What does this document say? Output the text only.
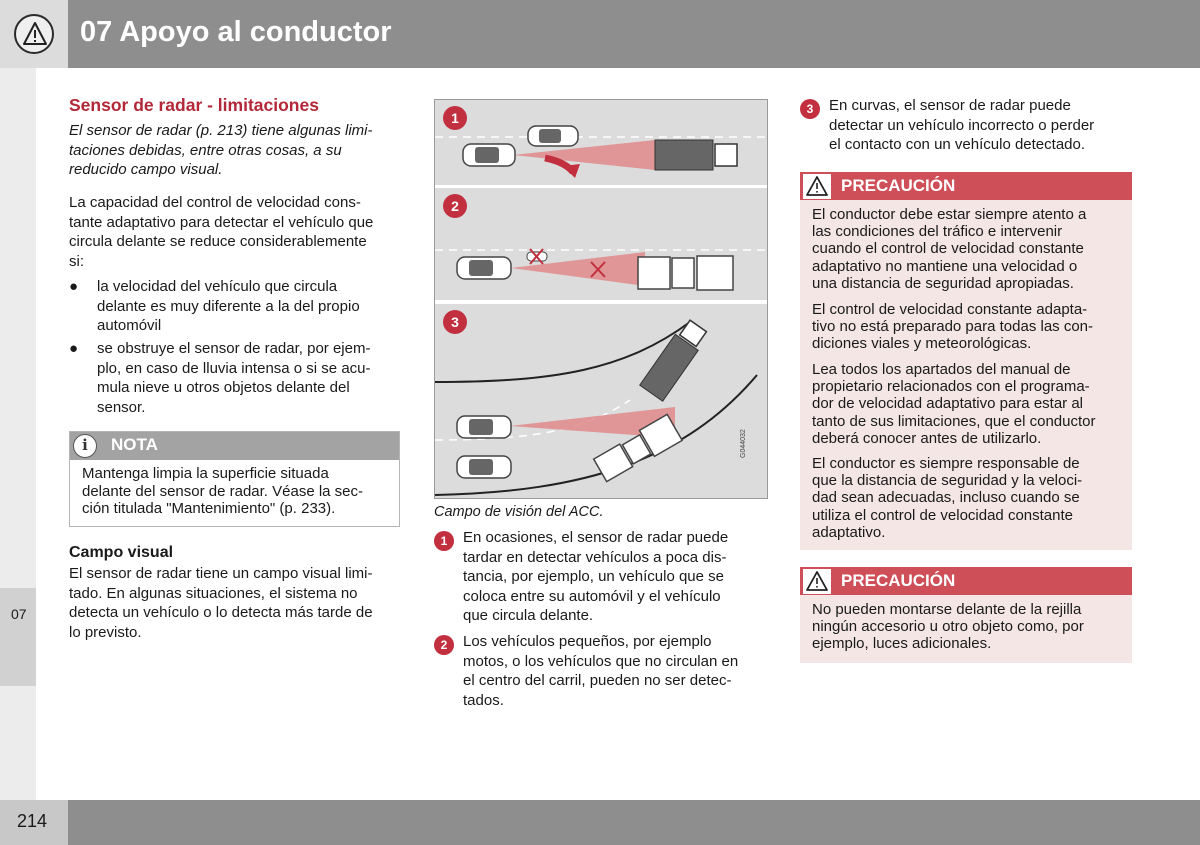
07 Apoyo al conductor
07
214
Sensor de radar - limitaciones
El sensor de radar (p. 213) tiene algunas limi-
taciones debidas, entre otras cosas, a su
reducido campo visual.
La capacidad del control de velocidad cons-
tante adaptativo para detectar el vehículo que
circula delante se reduce considerablemente
si:
● la velocidad del vehículo que circula
delante es muy diferente a la del propio
automóvil
● se obstruye el sensor de radar, por ejem-
plo, en caso de lluvia intensa o si se acu-
mula nieve u otros objetos delante del
sensor.
i	NOTA
Mantenga limpia la superficie situada
delante del sensor de radar. Véase la sec-
ción titulada "Mantenimiento" (p. 233).
Campo visual
El sensor de radar tiene un campo visual limi-
tado. En algunas situaciones, el sistema no
detecta un vehículo o lo detecta más tarde de
lo previsto.
1
2
3
G044032
Campo de visión del ACC.
1	En ocasiones, el sensor de radar puede
tardar en detectar vehículos a poca dis-
tancia, por ejemplo, un vehículo que se
coloca entre su automóvil y el vehículo
que circula delante.
2	Los vehículos pequeños, por ejemplo
motos, o los vehículos que no circulan en
el centro del carril, pueden no ser detec-
tados.
3	En curvas, el sensor de radar puede
detectar un vehículo incorrecto o perder
el contacto con un vehículo detectado.
PRECAUCIÓN
El conductor debe estar siempre atento a
las condiciones del tráfico e intervenir
cuando el control de velocidad constante
adaptativo no mantiene una velocidad o
una distancia de seguridad apropiadas.
El control de velocidad constante adapta-
tivo no está preparado para todas las con-
diciones viales y meteorológicas.
Lea todos los apartados del manual de
propietario relacionados con el programa-
dor de velocidad adaptativo para estar al
tanto de sus limitaciones, que el conductor
deberá conocer antes de utilizarlo.
El conductor es siempre responsable de
que la distancia de seguridad y la veloci-
dad sean adecuadas, incluso cuando se
utiliza el control de velocidad constante
adaptativo.
PRECAUCIÓN
No pueden montarse delante de la rejilla
ningún accesorio u otro objeto como, por
ejemplo, luces adicionales.
